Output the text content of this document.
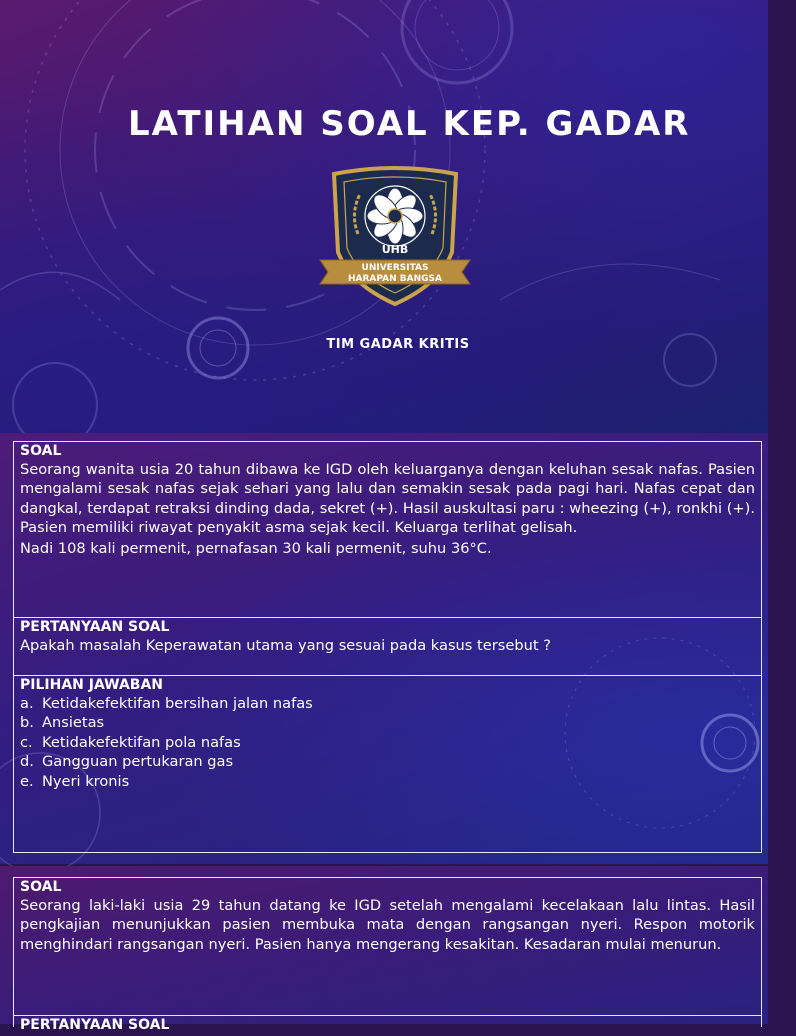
LATIHAN SOAL KEP. GADAR
UHB
UNIVERSITAS
HARAPAN BANGSA

TIM GADAR KRITIS

SOAL

Seorang wanita usia 20 tahun dibawa ke IGD oleh keluarganya dengan keluhan sesak nafas. Pasien mengalami sesak nafas sejak sehari yang lalu dan semakin sesak pada pagi hari. Nafas cepat dan dangkal, terdapat retraksi dinding dada, sekret (+). Hasil auskultasi paru : wheezing (+), ronkhi (+). Pasien memiliki riwayat penyakit asma sejak kecil. Keluarga terlihat gelisah.

Nadi 108 kali permenit, pernafasan 30 kali permenit, suhu 36°C.

PERTANYAAN SOAL

Apakah masalah Keperawatan utama yang sesuai pada kasus tersebut ?

PILIHAN JAWABAN
a. Ketidakefektifan bersihan jalan nafas
b. Ansietas
c. Ketidakefektifan pola nafas
d. Gangguan pertukaran gas
e. Nyeri kronis
SOAL

Seorang laki-laki usia 29 tahun datang ke IGD setelah mengalami kecelakaan lalu lintas. Hasil pengkajian menunjukkan pasien membuka mata dengan rangsangan nyeri. Respon motorik menghindari rangsangan nyeri. Pasien hanya mengerang kesakitan. Kesadaran mulai menurun.

PERTANYAAN SOAL
